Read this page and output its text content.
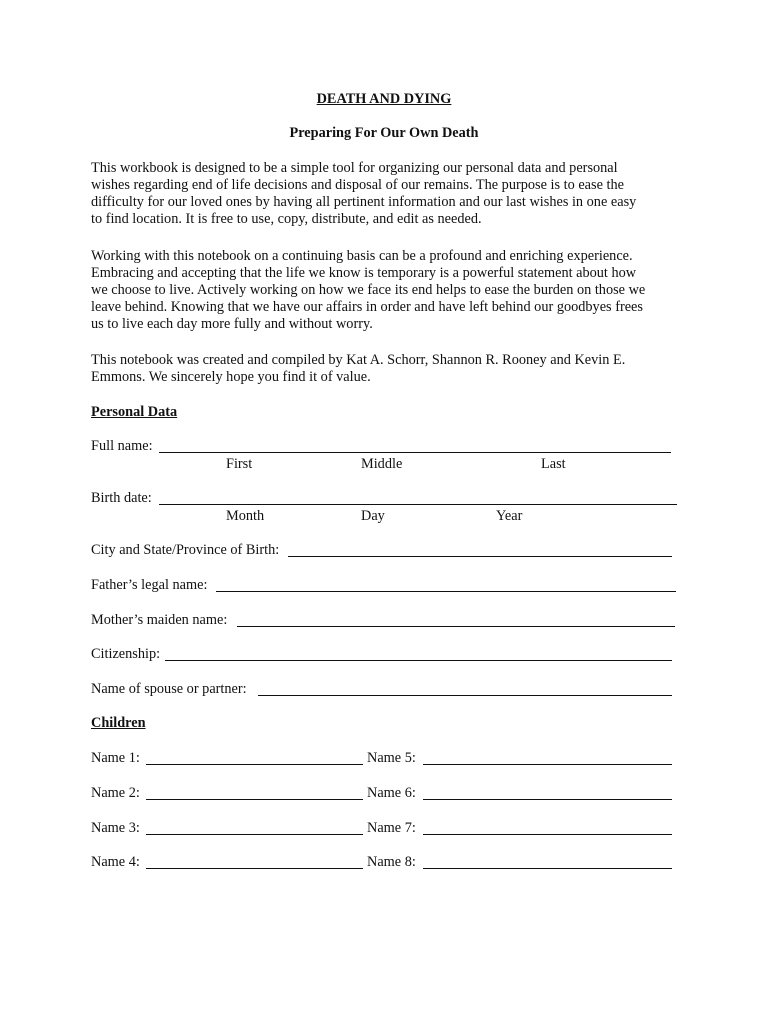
DEATH AND DYING
Preparing For Our Own Death

This workbook is designed to be a simple tool for organizing our personal data and personal
wishes regarding end of life decisions and disposal of our remains. The purpose is to ease the
difficulty for our loved ones by having all pertinent information and our last wishes in one easy
to find location. It is free to use, copy, distribute, and edit as needed.

Working with this notebook on a continuing basis can be a profound and enriching experience.
Embracing and accepting that the life we know is temporary is a powerful statement about how
we choose to live. Actively working on how we face its end helps to ease the burden on those we
leave behind. Knowing that we have our affairs in order and have left behind our goodbyes frees
us to live each day more fully and without worry.

This notebook was created and compiled by Kat A. Schorr, Shannon R. Rooney and Kevin E.
Emmons. We sincerely hope you find it of value.

Personal Data
Full name:
First	Middle	Last
Birth date:
Month	Day	Year
City and State/Province of Birth:
Father’s legal name:
Mother’s maiden name:
Citizenship:
Name of spouse or partner:
Children
Name 1:	Name 5:
Name 2:	Name 6:
Name 3:	Name 7:
Name 4:	Name 8:
